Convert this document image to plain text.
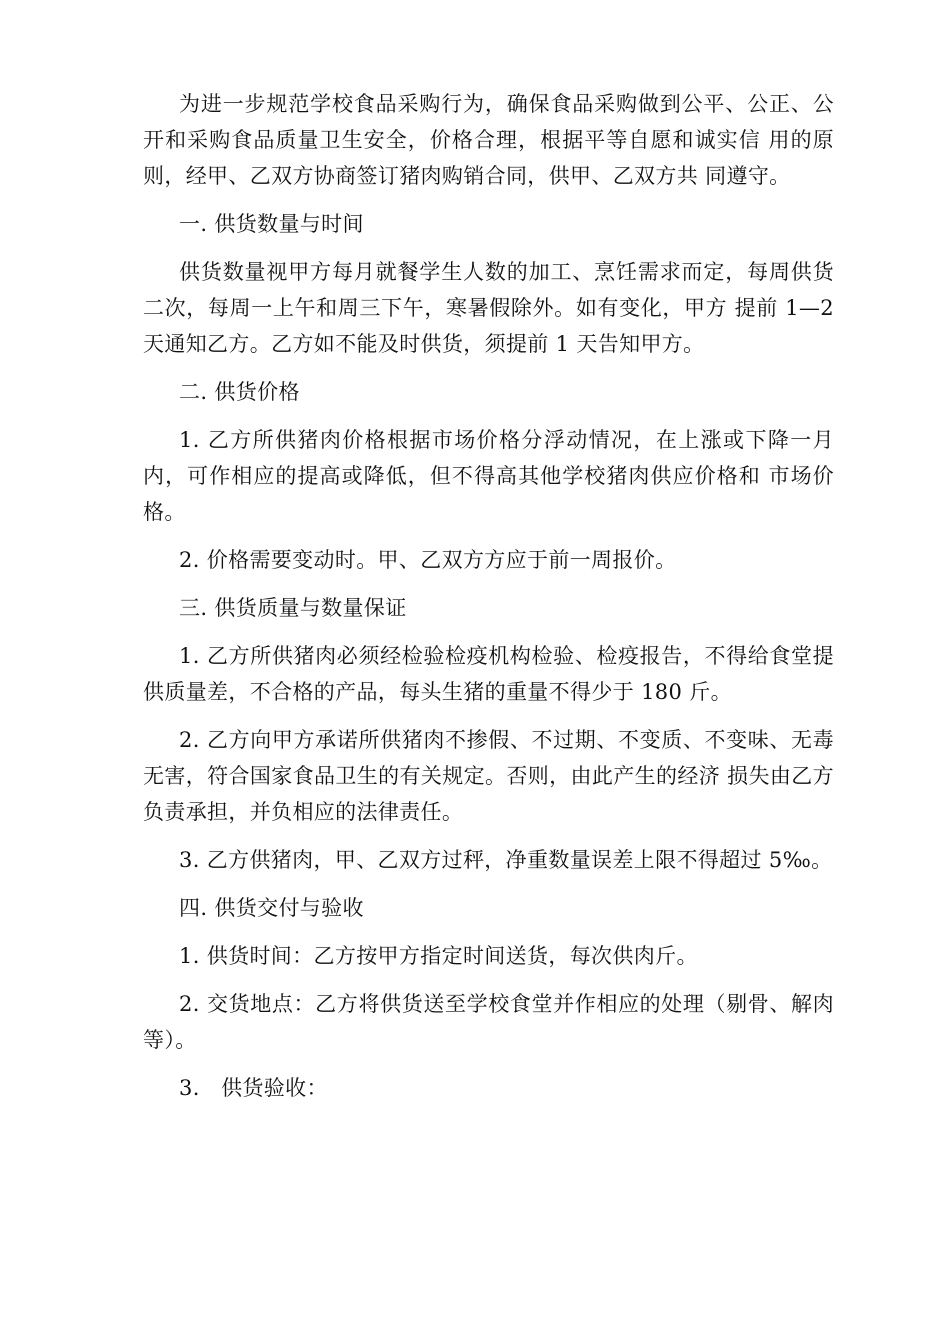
为进一步规范学校食品采购行为，确保食品采购做到公平、公正、公开和采购食品质量卫生安全，价格合理，根据平等自愿和诚实信 用的原则，经甲、乙双方协商签订猪肉购销合同，供甲、乙双方共 同遵守。

一. 供货数量与时间

供货数量视甲方每月就餐学生人数的加工、烹饪需求而定，每周供货二次，每周一上午和周三下午，寒暑假除外。如有变化，甲方 提前 1—2 天通知乙方。乙方如不能及时供货，须提前 1 天告知甲方。

二. 供货价格

1. 乙方所供猪肉价格根据市场价格分浮动情况，在上涨或下降一月内，可作相应的提高或降低，但不得高其他学校猪肉供应价格和 市场价格。

2. 价格需要变动时。甲、乙双方方应于前一周报价。

三. 供货质量与数量保证

1. 乙方所供猪肉必须经检验检疫机构检验、检疫报告，不得给食堂提供质量差，不合格的产品，每头生猪的重量不得少于 180 斤。

2. 乙方向甲方承诺所供猪肉不掺假、不过期、不变质、不变味、无毒无害，符合国家食品卫生的有关规定。否则，由此产生的经济 损失由乙方负责承担，并负相应的法律责任。

3. 乙方供猪肉，甲、乙双方过秤，净重数量误差上限不得超过 5‰。

四. 供货交付与验收

1. 供货时间：乙方按甲方指定时间送货，每次供肉斤。

2. 交货地点：乙方将供货送至学校食堂并作相应的处理（剔骨、解肉等）。

3.　供货验收：
